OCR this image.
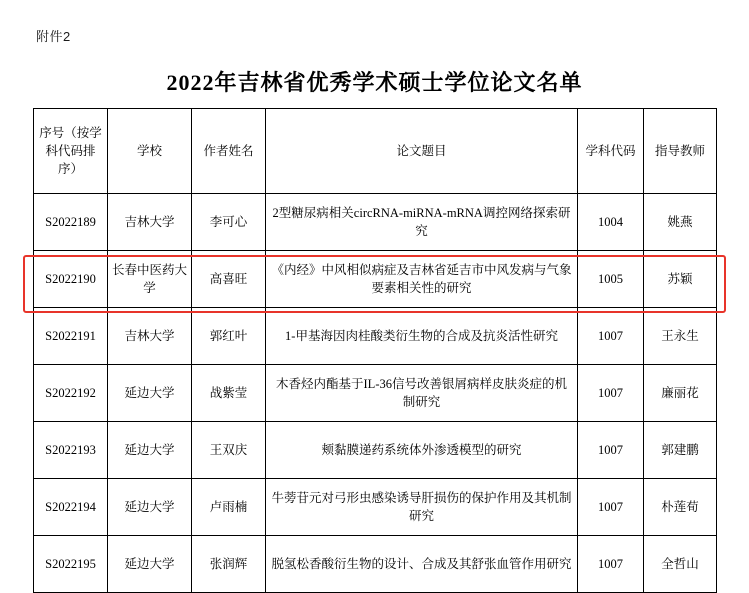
附件2
2022年吉林省优秀学术硕士学位论文名单
序号（按学科代码排序）	学校	作者姓名	论文题目	学科代码	指导教师
S2022189	吉林大学	李可心	2型糖尿病相关circRNA-miRNA-mRNA调控网络探索研究	1004	姚燕
S2022190	长春中医药大学	高喜旺	《内经》中风相似病症及吉林省延吉市中风发病与气象要素相关性的研究	1005	苏颖
S2022191	吉林大学	郭红叶	1-甲基海因肉桂酸类衍生物的合成及抗炎活性研究	1007	王永生
S2022192	延边大学	战紫莹	木香烃内酯基于IL-36信号改善银屑病样皮肤炎症的机制研究	1007	廉丽花
S2022193	延边大学	王双庆	颊黏膜递药系统体外渗透模型的研究	1007	郭建鹏
S2022194	延边大学	卢雨楠	牛蒡苷元对弓形虫感染诱导肝损伤的保护作用及其机制研究	1007	朴莲荀
S2022195	延边大学	张润辉	脱氢松香酸衍生物的设计、合成及其舒张血管作用研究	1007	全哲山
